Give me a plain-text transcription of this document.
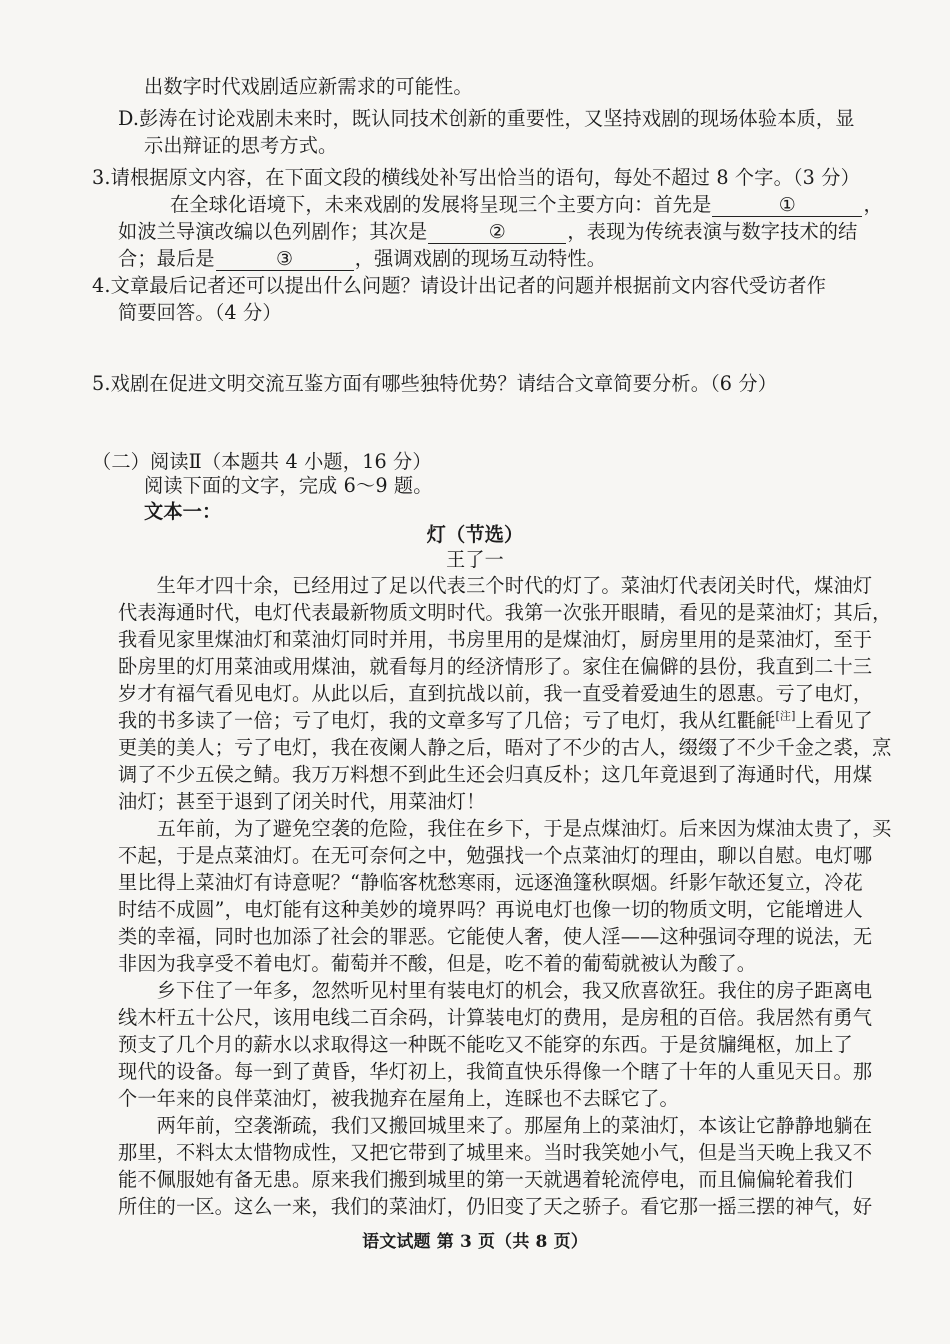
出数字时代戏剧适应新需求的可能性。
D.彭涛在讨论戏剧未来时，既认同技术创新的重要性，又坚持戏剧的现场体验本质，显
示出辩证的思考方式。
3.请根据原文内容，在下面文段的横线处补写出恰当的语句，每处不超过 8 个字。（3 分）
在全球化语境下，未来戏剧的发展将呈现三个主要方向：首先是	①	，
如波兰导演改编以色列剧作；其次是	②	，表现为传统表演与数字技术的结
合；最后是	③	，强调戏剧的现场互动特性。
4.文章最后记者还可以提出什么问题？请设计出记者的问题并根据前文内容代受访者作
简要回答。（4 分）
5.戏剧在促进文明交流互鉴方面有哪些独特优势？请结合文章简要分析。（6 分）
（二）阅读Ⅱ（本题共 4 小题，16 分）
阅读下面的文字，完成 6～9 题。
文本一：
灯（节选）
王了一
　　生年才四十余，已经用过了足以代表三个时代的灯了。菜油灯代表闭关时代，煤油灯
代表海通时代，电灯代表最新物质文明时代。我第一次张开眼睛，看见的是菜油灯；其后，
我看见家里煤油灯和菜油灯同时并用，书房里用的是煤油灯，厨房里用的是菜油灯，至于
卧房里的灯用菜油或用煤油，就看每月的经济情形了。家住在偏僻的县份，我直到二十三
岁才有福气看见电灯。从此以后，直到抗战以前，我一直受着爱迪生的恩惠。亏了电灯，
我的书多读了一倍；亏了电灯，我的文章多写了几倍；亏了电灯，我从红氍毹[注]上看见了
更美的美人；亏了电灯，我在夜阑人静之后，晤对了不少的古人，缀缀了不少千金之裘，烹
调了不少五侯之鲭。我万万料想不到此生还会归真反朴；这几年竟退到了海通时代，用煤
油灯；甚至于退到了闭关时代，用菜油灯！
　　五年前，为了避免空袭的危险，我住在乡下，于是点煤油灯。后来因为煤油太贵了，买
不起，于是点菜油灯。在无可奈何之中，勉强找一个点菜油灯的理由，聊以自慰。电灯哪
里比得上菜油灯有诗意呢？“静临客枕愁寒雨，远逐渔篷秋暝烟。纤影乍欹还复立，冷花
时结不成圆”，电灯能有这种美妙的境界吗？再说电灯也像一切的物质文明，它能增进人
类的幸福，同时也加添了社会的罪恶。它能使人奢，使人淫——这种强词夺理的说法，无
非因为我享受不着电灯。葡萄并不酸，但是，吃不着的葡萄就被认为酸了。
　　乡下住了一年多，忽然听见村里有装电灯的机会，我又欣喜欲狂。我住的房子距离电
线木杆五十公尺，该用电线二百余码，计算装电灯的费用，是房租的百倍。我居然有勇气
预支了几个月的薪水以求取得这一种既不能吃又不能穿的东西。于是贫牖绳枢，加上了
现代的设备。每一到了黄昏，华灯初上，我简直快乐得像一个瞎了十年的人重见天日。那
个一年来的良伴菜油灯，被我抛弃在屋角上，连睬也不去睬它了。
　　两年前，空袭渐疏，我们又搬回城里来了。那屋角上的菜油灯，本该让它静静地躺在
那里，不料太太惜物成性，又把它带到了城里来。当时我笑她小气，但是当天晚上我又不
能不佩服她有备无患。原来我们搬到城里的第一天就遇着轮流停电，而且偏偏轮着我们
所住的一区。这么一来，我们的菜油灯，仍旧变了天之骄子。看它那一摇三摆的神气，好
语文试题 第 3 页（共 8 页）
